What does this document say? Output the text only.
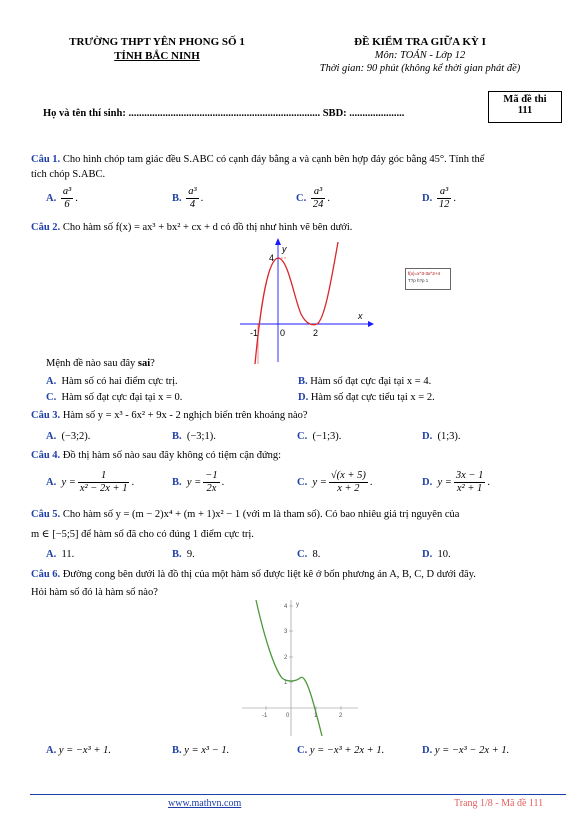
TRƯỜNG THPT YÊN PHONG SỐ 1
TỈNH BẮC NINH
ĐỀ KIỂM TRA GIỮA KỲ I
Môn: TOÁN - Lớp 12
Thời gian: 90 phút (không kể thời gian phát đề)
Mã đề thi
111
Họ và tên thí sinh: ......................................................................... SBD: .....................
Câu 1. Cho hình chóp tam giác đều S.ABC có cạnh đáy bằng a và cạnh bên hợp đáy góc bằng 45°. Tính thể
tích chóp S.ABC.
A. $\frac{\text{a³}}{6}$ .	B. $\frac{\text{a³}}{4}$ .	C. $\frac{\text{a³}}{24}$ .	D. $\frac{\text{a³}}{12}$ .
Câu 2. Cho hàm số f(x) = ax³ + bx² + cx + d có đồ thị như hình vẽ bên dưới.
y
x
4
-1 0	2
f(x)=x^3-3x^2+4
T?p h?p 1
Mệnh đề nào sau đây sai?
A. Hàm số có hai điểm cực trị.	B. Hàm số đạt cực đại tại x = 4.
C. Hàm số đạt cực đại tại x = 0.	D. Hàm số đạt cực tiểu tại x = 2.
Câu 3. Hàm số y = x³ - 6x² + 9x - 2 nghịch biến trên khoảng nào?
A. (−3;2).	B. (−3;1).	C. (−1;3).	D. (1;3).
Câu 4. Đồ thị hàm số nào sau đây không có tiệm cận đứng:
A. $y = \frac{1}{\text{x² − 2x + 1}}$ .	B. $y = \frac{-1}{2x}$ .	C. $y = \frac{√(x + 5)}{x + 2}$ .	D. $y = \frac{3x - 1}{\text{x² + 1}}$ .
Câu 5. Cho hàm số y = (m − 2)x⁴ + (m + 1)x² − 1 (với m là tham số). Có bao nhiêu giá trị nguyên của
m ∈ [−5;5] để hàm số đã cho có đúng 1 điểm cực trị.
A. 11.	B. 9.	C. 8.	D. 10.
Câu 6. Đường cong bên dưới là đồ thị của một hàm số được liệt kê ở bốn phương án A, B, C, D dưới đây.
Hỏi hàm số đó là hàm số nào?
y
4
3
2
1
-1	0	1	2
A. y = −x³ + 1.	B. y = x³ − 1.	C. y = −x³ + 2x + 1.	D. y = −x³ − 2x + 1.
www.mathvn.com	Trang 1/8 - Mã đề 111
